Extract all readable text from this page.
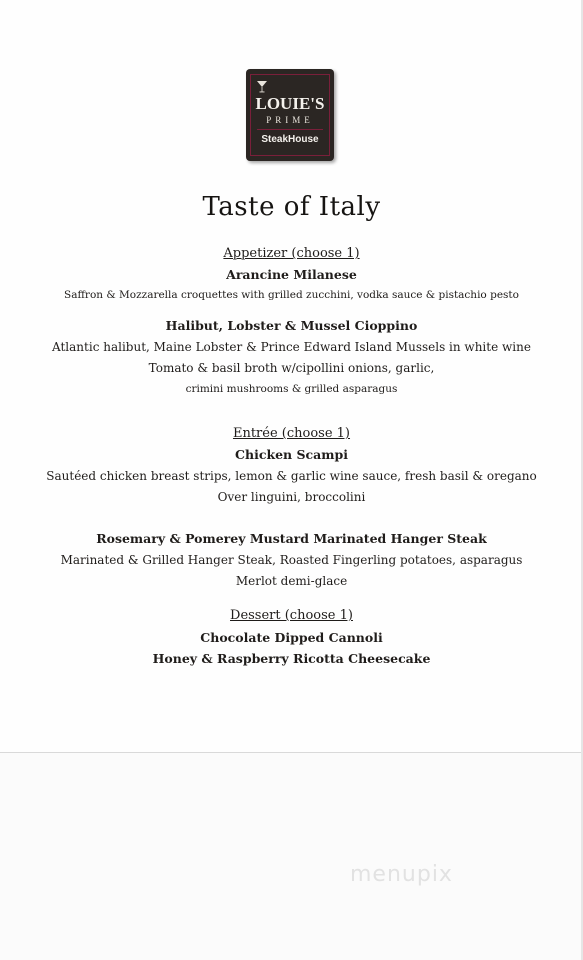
LOUIE'S
PRIME
SteakHouse
Taste of Italy
Appetizer (choose 1)
Arancine Milanese
Saffron & Mozzarella croquettes with grilled zucchini, vodka sauce & pistachio pesto
Halibut, Lobster & Mussel Cioppino
Atlantic halibut, Maine Lobster & Prince Edward Island Mussels in white wine
Tomato & basil broth w/cipollini onions, garlic,
crimini mushrooms & grilled asparagus
Entrée (choose 1)
Chicken Scampi
Sautéed chicken breast strips, lemon & garlic wine sauce, fresh basil & oregano
Over linguini, broccolini
Rosemary & Pomerey Mustard Marinated Hanger Steak
Marinated & Grilled Hanger Steak, Roasted Fingerling potatoes, asparagus
Merlot demi-glace
Dessert (choose 1)
Chocolate Dipped Cannoli
Honey & Raspberry Ricotta Cheesecake
menupix
